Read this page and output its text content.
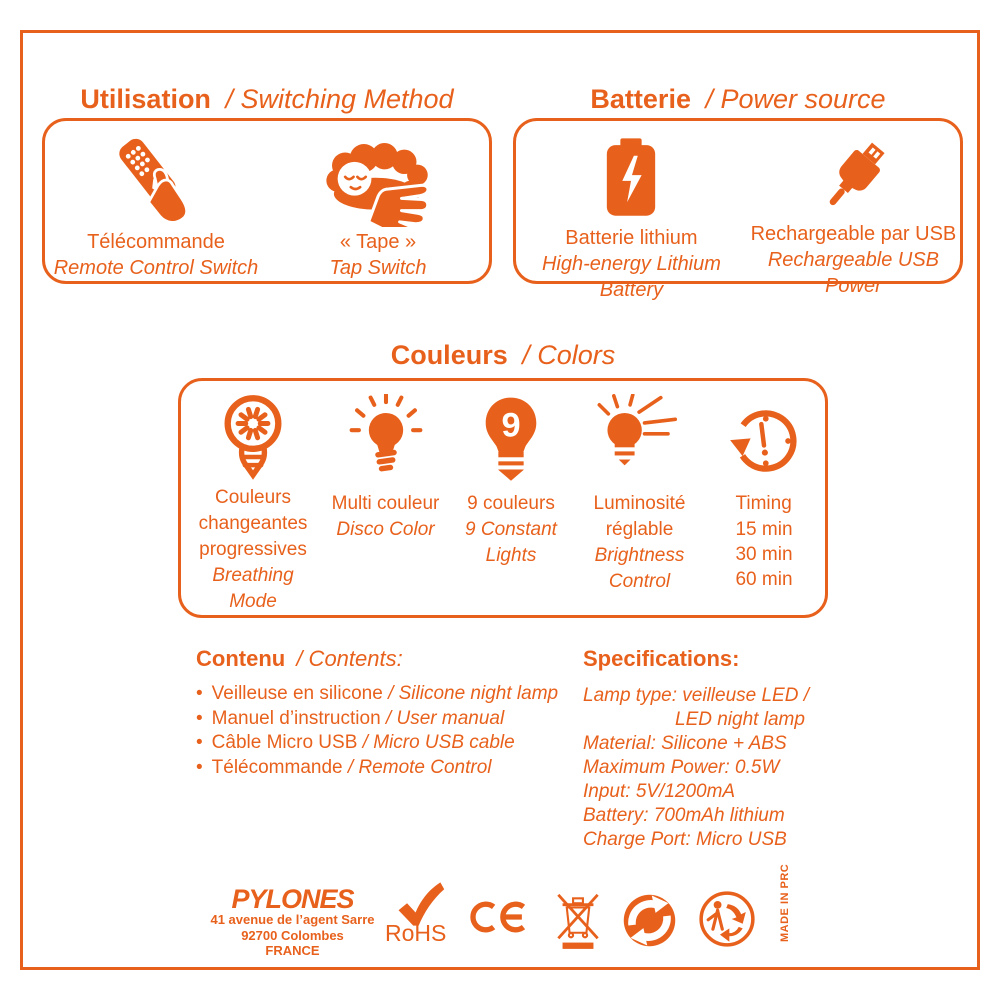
Utilisation / Switching Method
Télécommande
Remote Control Switch
« Tape »
Tap Switch
Batterie / Power source
Batterie lithium
High-energy Lithium Battery
Rechargeable par USB
Rechargeable USB Power
Couleurs / Colors
Couleurs changeantes progressives
Breathing Mode
Multi couleur
Disco Color
9
9 couleurs
9 Constant Lights
Luminosité réglable
Brightness Control
Timing
15 min
30 min
60 min
Contenu / Contents:
• Veilleuse en silicone / Silicone night lamp
• Manuel d’instruction / User manual
• Câble Micro USB / Micro USB cable
• Télécommande / Remote Control
Specifications:
Lamp type: veilleuse LED /
LED night lamp
Material: Silicone + ABS
Maximum Power: 0.5W
Input: 5V/1200mA
Battery: 700mAh lithium
Charge Port: Micro USB
PYLONES
41 avenue de l’agent Sarre
92700 Colombes
FRANCE
RoHS	MADE IN PRC
